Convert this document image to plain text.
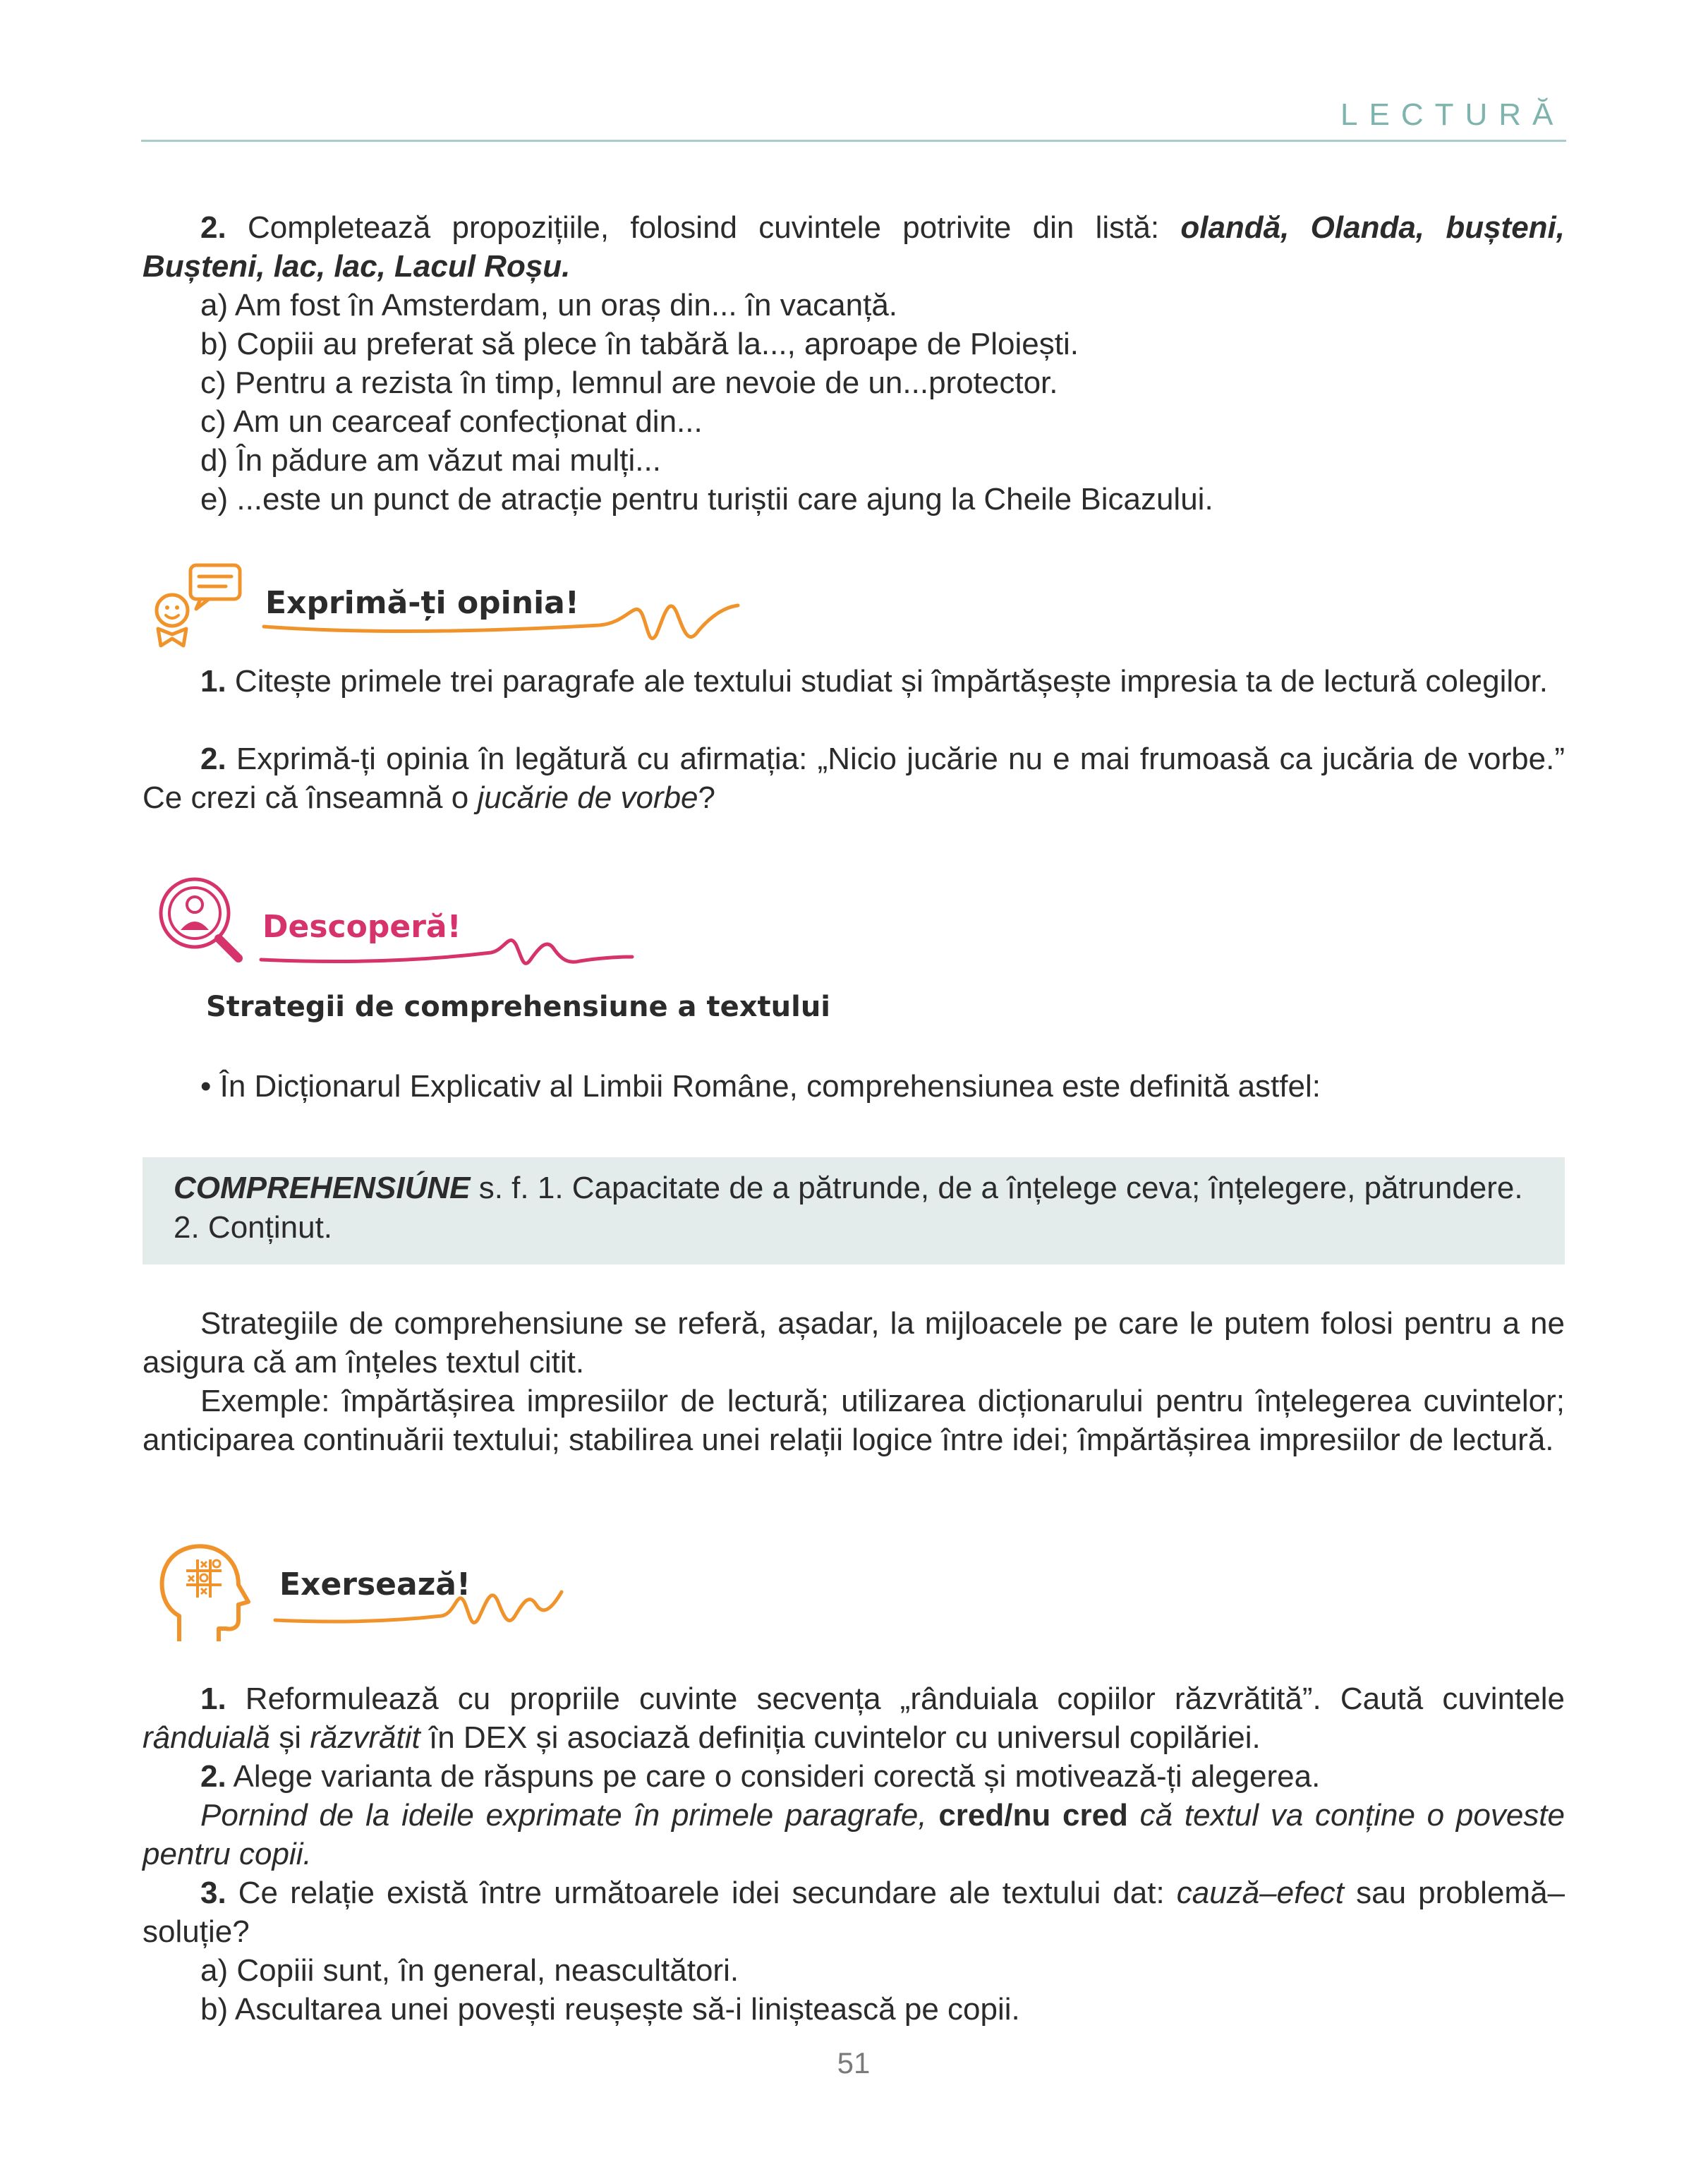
LECTURĂ
2. Completează propozițiile, folosind cuvintele potrivite din listă: olandă, Olanda, bușteni, Bușteni, lac, lac, Lacul Roșu.
a) Am fost în Amsterdam, un oraș din... în vacanță.
b) Copiii au preferat să plece în tabără la..., aproape de Ploiești.
c) Pentru a rezista în timp, lemnul are nevoie de un...protector.
c) Am un cearceaf confecționat din...
d) În pădure am văzut mai mulți...
e) ...este un punct de atracție pentru turiștii care ajung la Cheile Bicazului.
Exprimă-ți opinia!
1. Citește primele trei paragrafe ale textului studiat și împărtășește impresia ta de lectură colegilor.
2. Exprimă-ți opinia în legătură cu afirmația: „Nicio jucărie nu e mai frumoasă ca jucăria de vorbe.” Ce crezi că înseamnă o jucărie de vorbe?
Descoperă!
Strategii de comprehensiune a textului
• În Dicționarul Explicativ al Limbii Române, comprehensiunea este definită astfel:
COMPREHENSIÚNE s. f. 1. Capacitate de a pătrunde, de a înțelege ceva; înțelegere, pătrundere. 2. Conținut.
Strategiile de comprehensiune se referă, așadar, la mijloacele pe care le putem folosi pentru a ne asigura că am înțeles textul citit.
Exemple: împărtășirea impresiilor de lectură; utilizarea dicționarului pentru înțelegerea cuvintelor; anticiparea continuării textului; stabilirea unei relații logice între idei; împărtășirea impresiilor de lectură.
Exersează!
1. Reformulează cu propriile cuvinte secvența „rânduiala copiilor răzvrătită”. Caută cuvintele rânduială și răzvrătit în DEX și asociază definiția cuvintelor cu universul copilăriei.
2. Alege varianta de răspuns pe care o consideri corectă și motivează-ți alegerea.
Pornind de la ideile exprimate în primele paragrafe, cred/nu cred că textul va conține o poveste pentru copii.
3. Ce relație există între următoarele idei secundare ale textului dat: cauză–efect sau problemă–soluție?
a) Copiii sunt, în general, neascultători.
b) Ascultarea unei povești reușește să-i liniștească pe copii.
51
